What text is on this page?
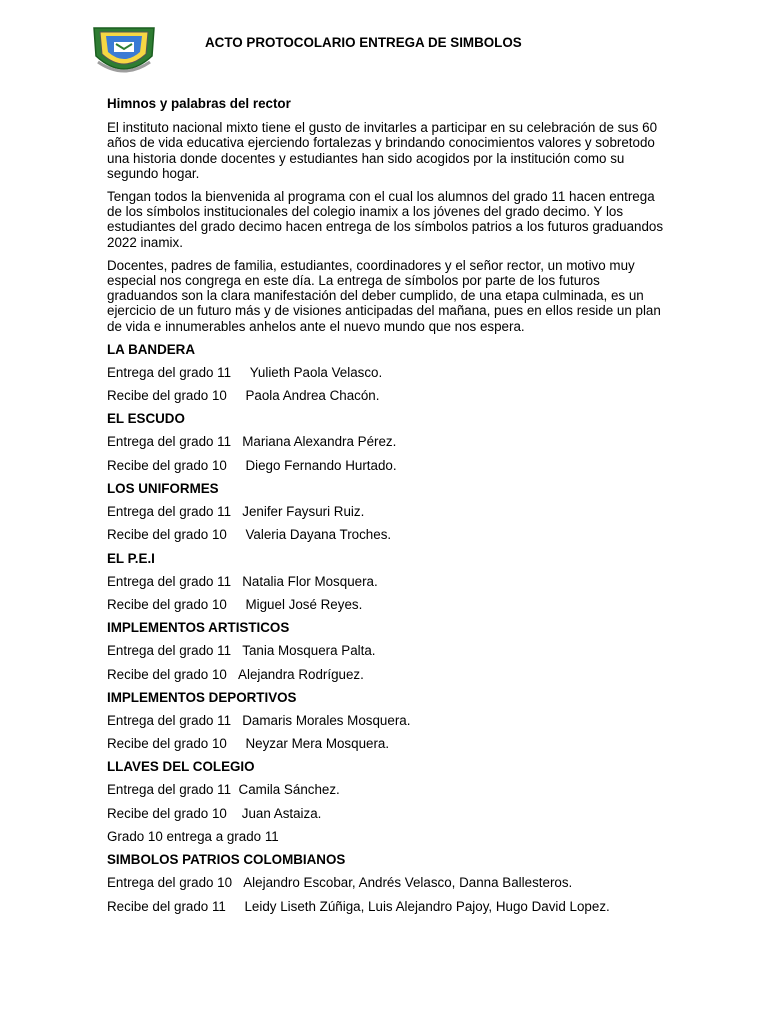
ACTO PROTOCOLARIO ENTREGA DE SIMBOLOS

Himnos y palabras del rector

El instituto nacional mixto tiene el gusto de invitarles a participar en su celebración de sus 60 años de vida educativa ejerciendo fortalezas y brindando conocimientos valores y sobretodo una historia donde docentes y estudiantes han sido acogidos por la institución como su segundo hogar.

Tengan todos la bienvenida al programa con el cual los alumnos del grado 11 hacen entrega de los símbolos institucionales del colegio inamix a los jóvenes del grado decimo. Y los estudiantes del grado decimo hacen entrega de los símbolos patrios a los futuros graduandos 2022 inamix.

Docentes, padres de familia, estudiantes, coordinadores y el señor rector, un motivo muy especial nos congrega en este día. La entrega de símbolos por parte de los futuros graduandos son la clara manifestación del deber cumplido, de una etapa culminada, es un ejercicio de un futuro más y de visiones anticipadas del mañana, pues en ellos reside un plan de vida e innumerables anhelos ante el nuevo mundo que nos espera.

LA BANDERA

Entrega del grado 11 Yulieth Paola Velasco.

Recibe del grado 10 Paola Andrea Chacón.

EL ESCUDO

Entrega del grado 11 Mariana Alexandra Pérez.

Recibe del grado 10 Diego Fernando Hurtado.

LOS UNIFORMES

Entrega del grado 11 Jenifer Faysuri Ruiz.

Recibe del grado 10 Valeria Dayana Troches.

EL P.E.I

Entrega del grado 11 Natalia Flor Mosquera.

Recibe del grado 10 Miguel José Reyes.

IMPLEMENTOS ARTISTICOS

Entrega del grado 11 Tania Mosquera Palta.

Recibe del grado 10 Alejandra Rodríguez.

IMPLEMENTOS DEPORTIVOS

Entrega del grado 11 Damaris Morales Mosquera.

Recibe del grado 10 Neyzar Mera Mosquera.

LLAVES DEL COLEGIO

Entrega del grado 11 Camila Sánchez.

Recibe del grado 10 Juan Astaiza.

Grado 10 entrega a grado 11

SIMBOLOS PATRIOS COLOMBIANOS

Entrega del grado 10 Alejandro Escobar, Andrés Velasco, Danna Ballesteros.

Recibe del grado 11 Leidy Liseth Zúñiga, Luis Alejandro Pajoy, Hugo David Lopez.
